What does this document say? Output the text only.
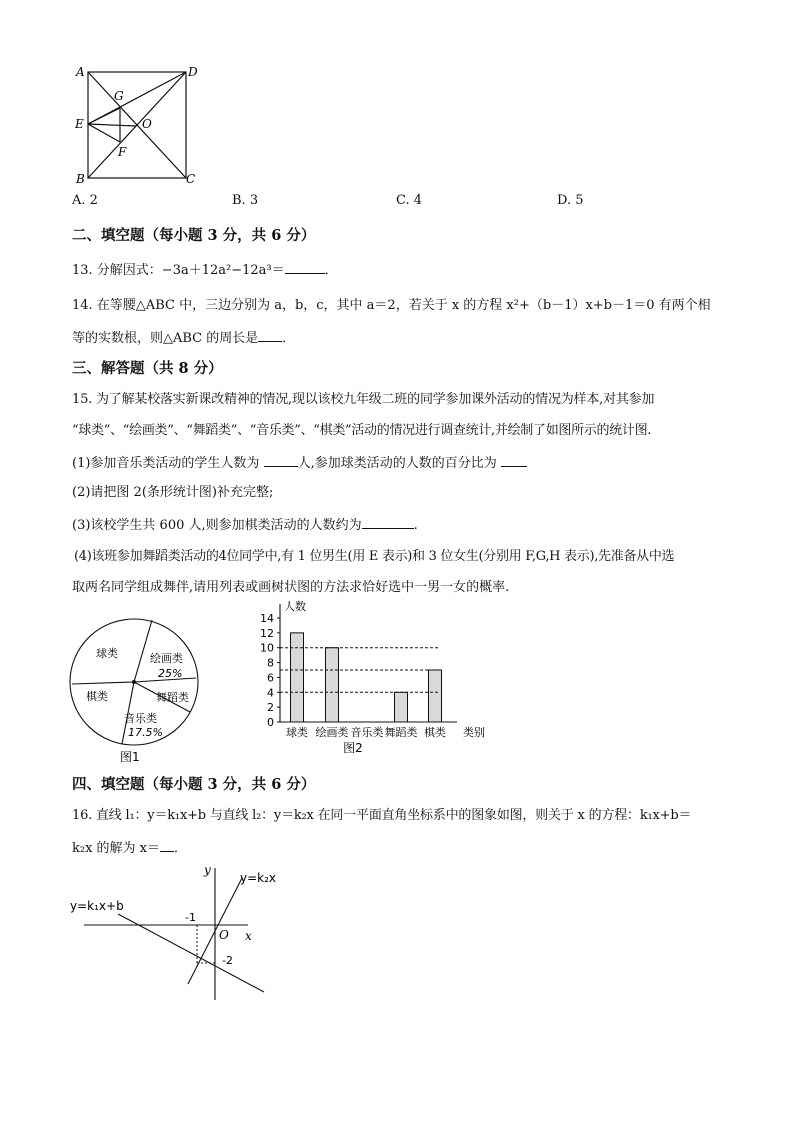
A	D
G
E	O
F
B	C
A. 2	B. 3	C. 4	D. 5
二、填空题（每小题 3 分，共 6 分）
13. 分解因式：−3a＋12a²−12a³＝	．
14. 在等腰△ABC 中，三边分别为 a，b，c，其中 a＝2，若关于 x 的方程 x²+（b－1）x+b－1＝0 有两个相
等的实数根，则△ABC 的周长是 ．
三、解答题（共 8 分）
15. 为了解某校落实新课改精神的情况,现以该校九年级二班的同学参加课外活动的情况为样本,对其参加
“球类”、“绘画类”、“舞蹈类”、“音乐类”、“棋类”活动的情况进行调查统计,并绘制了如图所示的统计图.
(1)参加音乐类活动的学生人数为	人,参加球类活动的人数的百分比为
(2)请把图 2(条形统计图)补充完整;
(3)该校学生共 600 人,则参加棋类活动的人数约为	.
(4)该班参加舞蹈类活动的4位同学中,有 1 位男生(用 E 表示)和 3 位女生(分别用 F,G,H 表示),先准备从中选
取两名同学组成舞伴,请用列表或画树状图的方法求恰好选中一男一女的概率.
球类	绘画类
25%
舞蹈类
音乐类
17.5%
棋类
图1
0
2
4
6
8
10
12
14
人数
球类 绘画类 音乐类 舞蹈类 棋类 类别
图2
四、填空题（每小题 3 分，共 6 分）
16. 直线 l₁：y＝k₁x+b 与直线 l₂：y＝k₂x 在同一平面直角坐标系中的图象如图，则关于 x 的方程：k₁x+b＝
k₂x 的解为 x＝ ．
y
x
O
y=k₂x
y=k₁x+b
-1
-2
